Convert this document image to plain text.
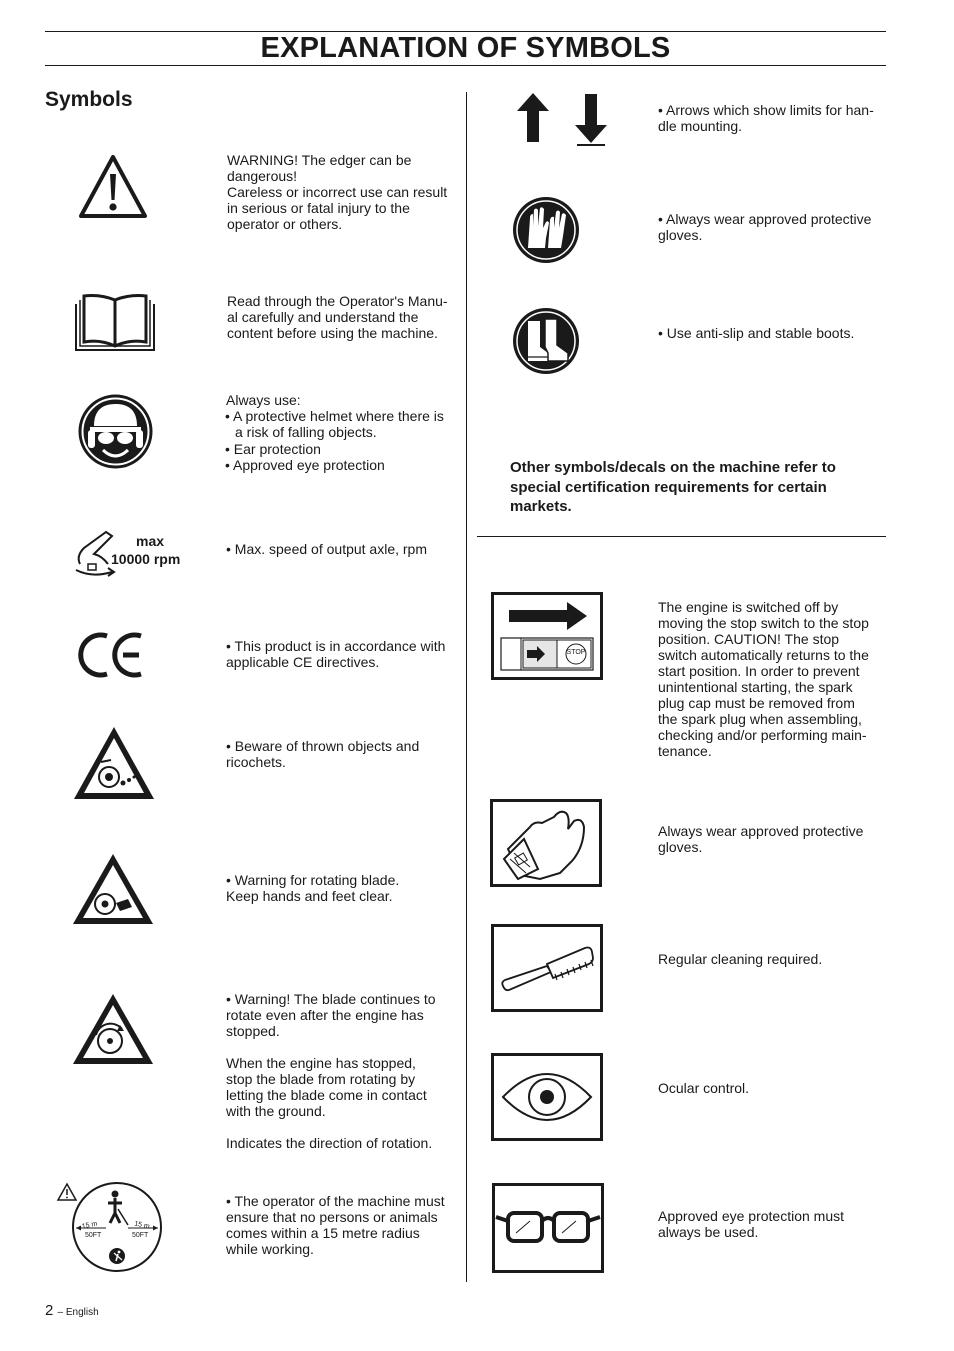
EXPLANATION OF SYMBOLS
Symbols
WARNING! The edger can be
dangerous!
Careless or incorrect use can result
in serious or fatal injury to the
operator or others.
Read through the Operator's Manu-
al carefully and understand the
content before using the machine.
Always use:
• A protective helmet where there is
a risk of falling objects.
• Ear protection
• Approved eye protection
max
10000 rpm
• Max. speed of output axle, rpm
• This product is in accordance with
applicable CE directives.
• Beware of thrown objects and
ricochets.
• Warning for rotating blade.
Keep hands and feet clear.
• Warning! The blade continues to
rotate even after the engine has
stopped.

When the engine has stopped,
stop the blade from rotating by
letting the blade come in contact
with the ground.

Indicates the direction of rotation.
15 m
50FT
15 m
50FT
• The operator of the machine must
ensure that no persons or animals
comes within a 15 metre radius
while working.
• Arrows which show limits for han-
dle mounting.
• Always wear approved protective
gloves.
• Use anti-slip and stable boots.
Other symbols/decals on the machine refer to
special certification requirements for certain
markets.
STOP
The engine is switched off by
moving the stop switch to the stop
position. CAUTION! The stop
switch automatically returns to the
start position. In order to prevent
unintentional starting, the spark
plug cap must be removed from
the spark plug when assembling,
checking and/or performing main-
tenance.
Always wear approved protective
gloves.
Regular cleaning required.
Ocular control.
Approved eye protection must
always be used.
2 – English
